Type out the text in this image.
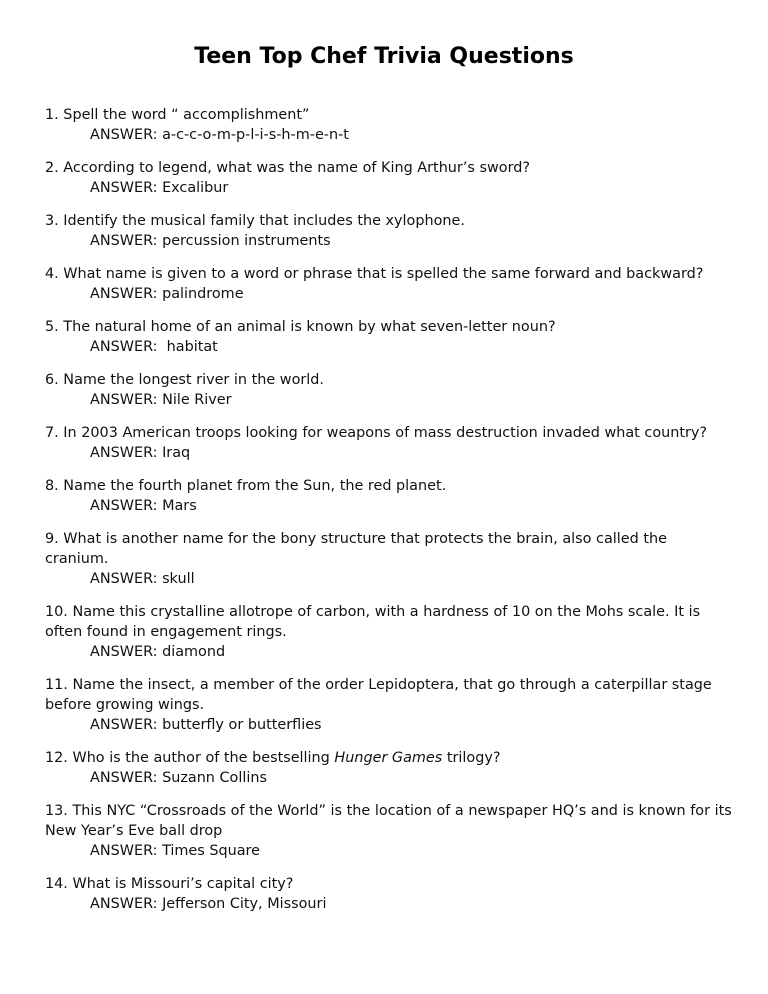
Teen Top Chef Trivia Questions

1. Spell the word “ accomplishment”

ANSWER: a-c-c-o-m-p-l-i-s-h-m-e-n-t

2. According to legend, what was the name of King Arthur’s sword?

ANSWER: Excalibur

3. Identify the musical family that includes the xylophone.

ANSWER: percussion instruments

4. What name is given to a word or phrase that is spelled the same forward and backward?

ANSWER: palindrome

5. The natural home of an animal is known by what seven-letter noun?

ANSWER:  habitat

6. Name the longest river in the world.

ANSWER: Nile River

7. In 2003 American troops looking for weapons of mass destruction invaded what country?

ANSWER: Iraq

8. Name the fourth planet from the Sun, the red planet.

ANSWER: Mars

9. What is another name for the bony structure that protects the brain, also called the cranium.

ANSWER: skull

10. Name this crystalline allotrope of carbon, with a hardness of 10 on the Mohs scale. It is often found in engagement rings.

ANSWER: diamond

11. Name the insect, a member of the order Lepidoptera, that go through a caterpillar stage before growing wings.

ANSWER: butterfly or butterflies

12. Who is the author of the bestselling Hunger Games trilogy?

ANSWER: Suzann Collins

13. This NYC “Crossroads of the World” is the location of a newspaper HQ’s and is known for its New Year’s Eve ball drop

ANSWER: Times Square

14. What is Missouri’s capital city?

ANSWER: Jefferson City, Missouri
